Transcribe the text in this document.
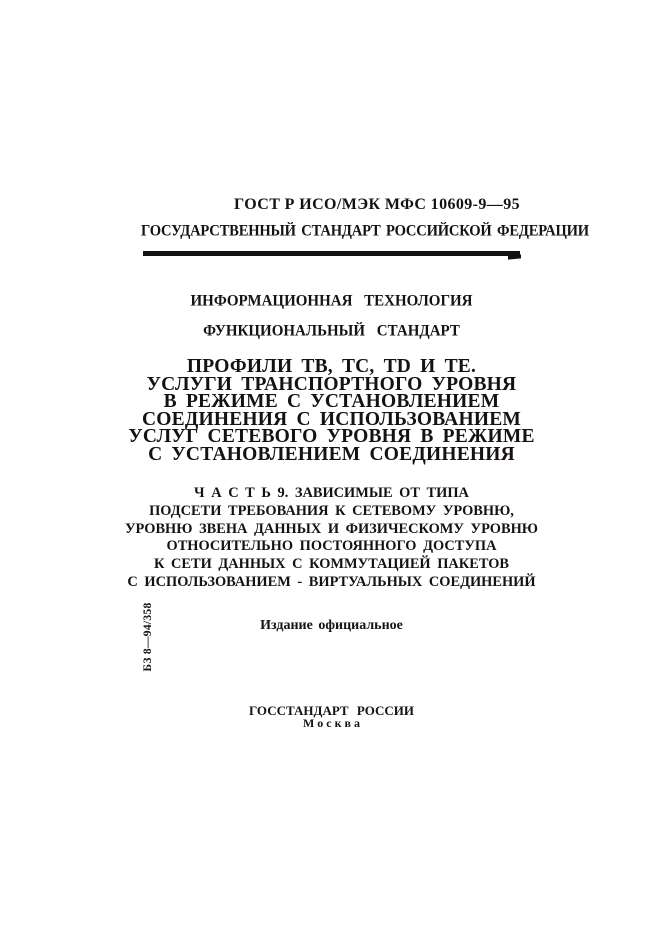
ГОСТ Р ИСО/МЭК МФС 10609-9—95
ГОСУДАРСТВЕННЫЙ СТАНДАРТ РОССИЙСКОЙ ФЕДЕРАЦИИ
ИНФОРМАЦИОННАЯ ТЕХНОЛОГИЯ
ФУНКЦИОНАЛЬНЫЙ СТАНДАРТ
ПРОФИЛИ ТВ, ТС, TD И ТЕ.
УСЛУГИ ТРАНСПОРТНОГО УРОВНЯ
В РЕЖИМЕ С УСТАНОВЛЕНИЕМ
СОЕДИНЕНИЯ С ИСПОЛЬЗОВАНИЕМ
УСЛУГ СЕТЕВОГО УРОВНЯ В РЕЖИМЕ
С УСТАНОВЛЕНИЕМ СОЕДИНЕНИЯ
Ч А С Т Ь 9. ЗАВИСИМЫЕ ОТ ТИПА
ПОДСЕТИ ТРЕБОВАНИЯ К СЕТЕВОМУ УРОВНЮ,
УРОВНЮ ЗВЕНА ДАННЫХ И ФИЗИЧЕСКОМУ УРОВНЮ
ОТНОСИТЕЛЬНО ПОСТОЯННОГО ДОСТУПА
К СЕТИ ДАННЫХ С КОММУТАЦИЕЙ ПАКЕТОВ
С ИСПОЛЬЗОВАНИЕМ - ВИРТУАЛЬНЫХ СОЕДИНЕНИЙ
Издание официальное
БЗ 8—94/358
ГОССТАНДАРТ РОССИИ
М о с к в а
